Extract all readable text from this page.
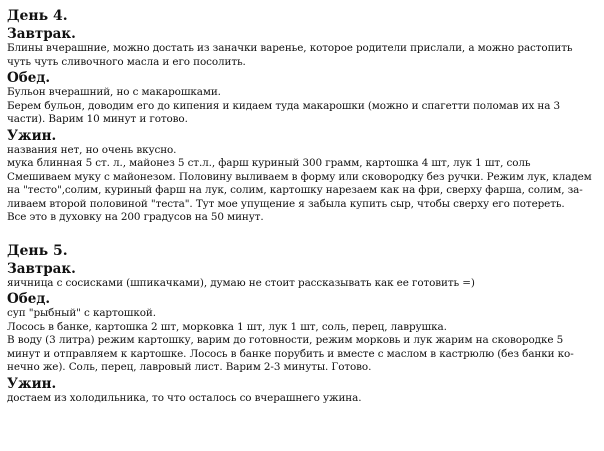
День 4.
Завтрак.

Блины вчерашние, можно достать из заначки варенье, которое родители прислали, а можно растопить

чуть чуть сливочного масла и его посолить.

Обед.

Бульон вчерашний, но с макарошками.

Берем бульон, доводим его до кипения и кидаем туда макарошки (можно и спагетти поломав их на 3

части). Варим 10 минут и готово.

Ужин.

названия нет, но очень вкусно.

мука блинная 5 ст. л., майонез 5 ст.л., фарш куриный 300 грамм, картошка 4 шт, лук 1 шт, соль

Смешиваем муку с майонезом. Половину выливаем в форму или сковородку без ручки. Режим лук, кладем

на "тесто",солим, куриный фарш на лук, солим, картошку нарезаем как на фри, сверху фарша, солим, за-

ливаем второй половиной "теста". Тут мое упущение я забыла купить сыр, чтобы сверху его потереть.

Все это в духовку на 200 градусов на 50 минут.

День 5.
Завтрак.

яичница с сосисками (шпикачками), думаю не стоит рассказывать как ее готовить =)

Обед.

суп "рыбный" с картошкой.

Лосось в банке, картошка 2 шт, морковка 1 шт, лук 1 шт, соль, перец, лаврушка.

В воду (3 литра) режим картошку, варим до готовности, режим морковь и лук жарим на сковородке 5

минут и отправляем к картошке. Лосось в банке порубить и вместе с маслом в кастрюлю (без банки ко-

нечно же). Соль, перец, лавровый лист. Варим 2-3 минуты. Готово.

Ужин.

достаем из холодильника, то что осталось со вчерашнего ужина.
